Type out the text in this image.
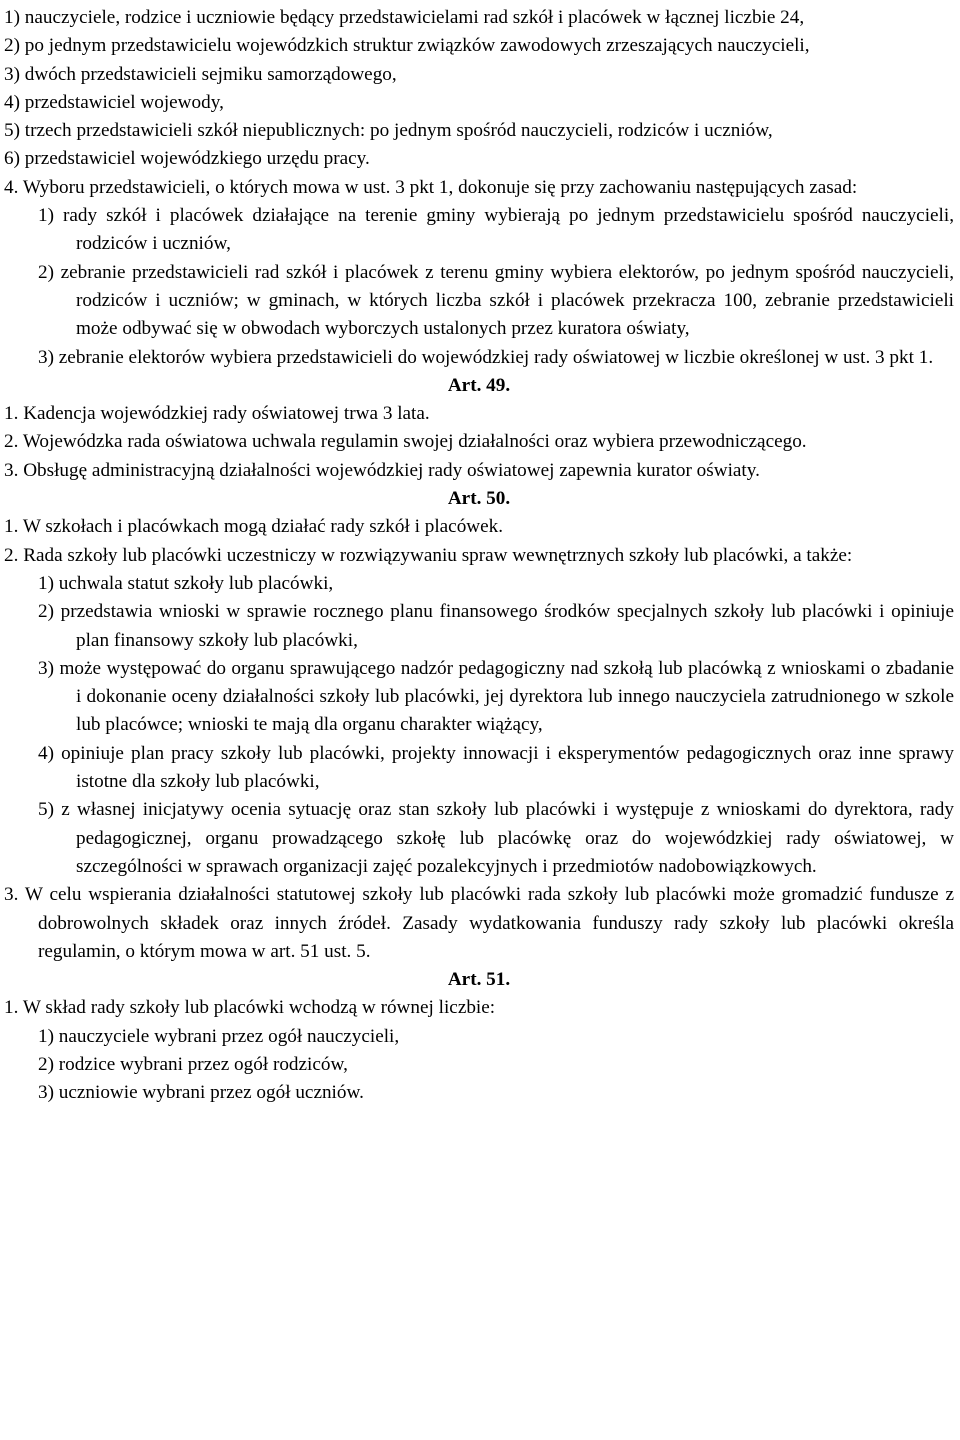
1) nauczyciele, rodzice i uczniowie będący przedstawicielami rad szkół i placówek w łącznej liczbie 24,
2) po jednym przedstawicielu wojewódzkich struktur związków zawodowych zrzeszających nauczycieli,
3) dwóch przedstawicieli sejmiku samorządowego,
4) przedstawiciel wojewody,
5) trzech przedstawicieli szkół niepublicznych: po jednym spośród nauczycieli, rodziców i uczniów,
6) przedstawiciel wojewódzkiego urzędu pracy.
4. Wyboru przedstawicieli, o których mowa w ust. 3 pkt 1, dokonuje się przy zachowaniu następujących zasad:
1) rady szkół i placówek działające na terenie gminy wybierają po jednym przedstawicielu spośród nauczycieli, rodziców i uczniów,
2) zebranie przedstawicieli rad szkół i placówek z terenu gminy wybiera elektorów, po jednym spośród nauczycieli, rodziców i uczniów; w gminach, w których liczba szkół i placówek przekracza 100, zebranie przedstawicieli może odbywać się w obwodach wyborczych ustalonych przez kuratora oświaty,
3) zebranie elektorów wybiera przedstawicieli do wojewódzkiej rady oświatowej w liczbie określonej w ust. 3 pkt 1.
Art. 49.
1. Kadencja wojewódzkiej rady oświatowej trwa 3 lata.
2. Wojewódzka rada oświatowa uchwala regulamin swojej działalności oraz wybiera przewodniczącego.
3. Obsługę administracyjną działalności wojewódzkiej rady oświatowej zapewnia kurator oświaty.
Art. 50.
1. W szkołach i placówkach mogą działać rady szkół i placówek.
2. Rada szkoły lub placówki uczestniczy w rozwiązywaniu spraw wewnętrznych szkoły lub placówki, a także:
1) uchwala statut szkoły lub placówki,
2) przedstawia wnioski w sprawie rocznego planu finansowego środków specjalnych szkoły lub placówki i opiniuje plan finansowy szkoły lub placówki,
3) może występować do organu sprawującego nadzór pedagogiczny nad szkołą lub placówką z wnioskami o zbadanie i dokonanie oceny działalności szkoły lub placówki, jej dyrektora lub innego nauczyciela zatrudnionego w szkole lub placówce; wnioski te mają dla organu charakter wiążący,
4) opiniuje plan pracy szkoły lub placówki, projekty innowacji i eksperymentów pedagogicznych oraz inne sprawy istotne dla szkoły lub placówki,
5) z własnej inicjatywy ocenia sytuację oraz stan szkoły lub placówki i występuje z wnioskami do dyrektora, rady pedagogicznej, organu prowadzącego szkołę lub placówkę oraz do wojewódzkiej rady oświatowej, w szczególności w sprawach organizacji zajęć pozalekcyjnych i przedmiotów nadobowiązkowych.
3. W celu wspierania działalności statutowej szkoły lub placówki rada szkoły lub placówki może gromadzić fundusze z dobrowolnych składek oraz innych źródeł. Zasady wydatkowania funduszy rady szkoły lub placówki określa regulamin, o którym mowa w art. 51 ust. 5.
Art. 51.
1. W skład rady szkoły lub placówki wchodzą w równej liczbie:
1) nauczyciele wybrani przez ogół nauczycieli,
2) rodzice wybrani przez ogół rodziców,
3) uczniowie wybrani przez ogół uczniów.
